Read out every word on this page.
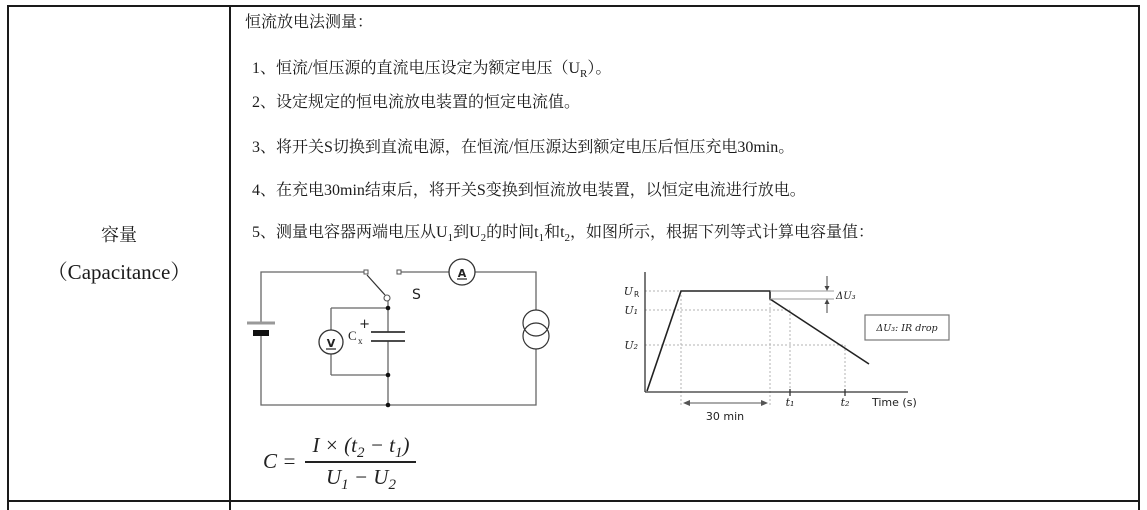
容量
（Capacitance）
恒流放电法测量：
1、恒流/恒压源的直流电压设定为额定电压$(U_R)$。
2、设定规定的恒电流放电装置的恒定电流值。
3、将开关S切换到直流电源，在恒流/恒压源达到额定电压后恒压充电30min。
4、在充电30min结束后，将开关S变换到恒流放电装置，以恒定电流进行放电。
5、测量电容器两端电压从$U_1$到$U_2$的时间$t_1$和$t_2$，如图所示，根据下列等式计算电容量值：
S
A
V
+
C x
ΔU₃
30 min
U R
U₁
U₂
t₁	t₂ Time (s)
ΔU₃: IR drop
$C = \frac{I \times (t_2 - t_1)}{U_1 - U_2}$
